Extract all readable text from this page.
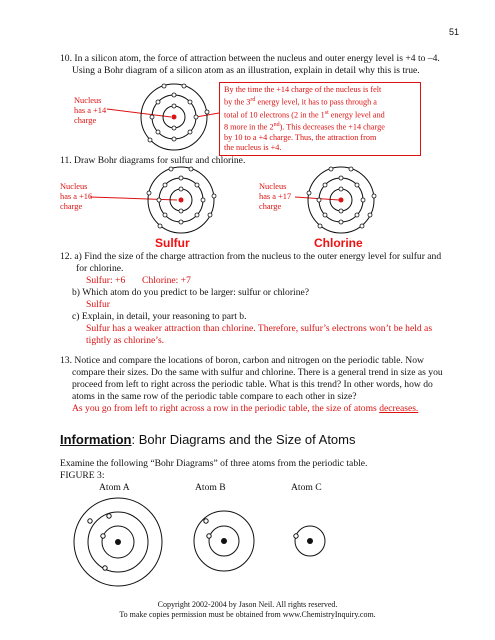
51
10. In a silicon atom, the force of attraction between the nucleus and outer energy level is +4 to –4.
Using a Bohr diagram of a silicon atom as an illustration, explain in detail why this is true.
Nucleus
has a +14
charge
By the time the +14 charge of the nucleus is felt
by the 3rd energy level, it has to pass through a
total of 10 electrons (2 in the 1st energy level and
8 more in the 2nd). This decreases the +14 charge
by 10 to a +4 charge. Thus, the attraction from
the nucleus is +4.
11. Draw Bohr diagrams for sulfur and chlorine.
Nucleus
has a +16
charge
Nucleus
has a +17
charge
Sulfur	Chlorine
12. a) Find the size of the charge attraction from the nucleus to the outer energy level for sulfur and
for chlorine.
Sulfur: +6       Chlorine: +7
b) Which atom do you predict to be larger: sulfur or chlorine?
Sulfur
c) Explain, in detail, your reasoning to part b.
Sulfur has a weaker attraction than chlorine. Therefore, sulfur’s electrons won’t be held as
tightly as chlorine’s.
13. Notice and compare the locations of boron, carbon and nitrogen on the periodic table. Now
compare their sizes. Do the same with sulfur and chlorine. There is a general trend in size as you
proceed from left to right across the periodic table. What is this trend? In other words, how do
atoms in the same row of the periodic table compare to each other in size?
As you go from left to right across a row in the periodic table, the size of atoms decreases.
Information: Bohr Diagrams and the Size of Atoms
Examine the following “Bohr Diagrams” of three atoms from the periodic table.
FIGURE 3:
Atom A	Atom B	Atom C
Copyright 2002-2004 by Jason Neil. All rights reserved.
To make copies permission must be obtained from www.ChemistryInquiry.com.
